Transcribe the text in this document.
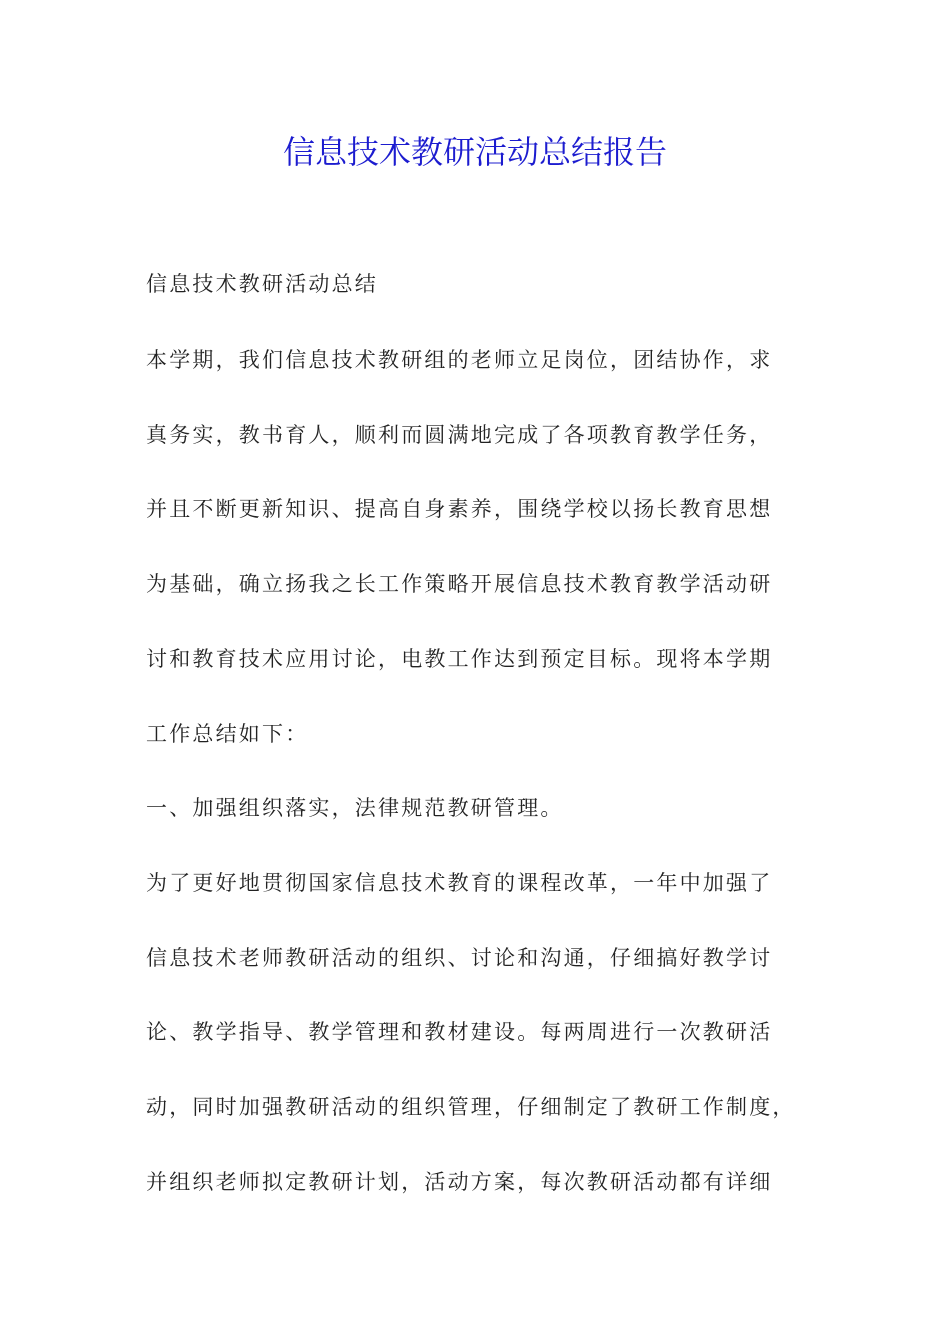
信息技术教研活动总结报告
信息技术教研活动总结
本学期，我们信息技术教研组的老师立足岗位，团结协作，求
真务实，教书育人，顺利而圆满地完成了各项教育教学任务，
并且不断更新知识、提高自身素养，围绕学校以扬长教育思想
为基础，确立扬我之长工作策略开展信息技术教育教学活动研
讨和教育技术应用讨论，电教工作达到预定目标。现将本学期
工作总结如下：
一、加强组织落实，法律规范教研管理。
为了更好地贯彻国家信息技术教育的课程改革，一年中加强了
信息技术老师教研活动的组织、讨论和沟通，仔细搞好教学讨
论、教学指导、教学管理和教材建设。每两周进行一次教研活
动，同时加强教研活动的组织管理，仔细制定了教研工作制度，
并组织老师拟定教研计划，活动方案，每次教研活动都有详细
